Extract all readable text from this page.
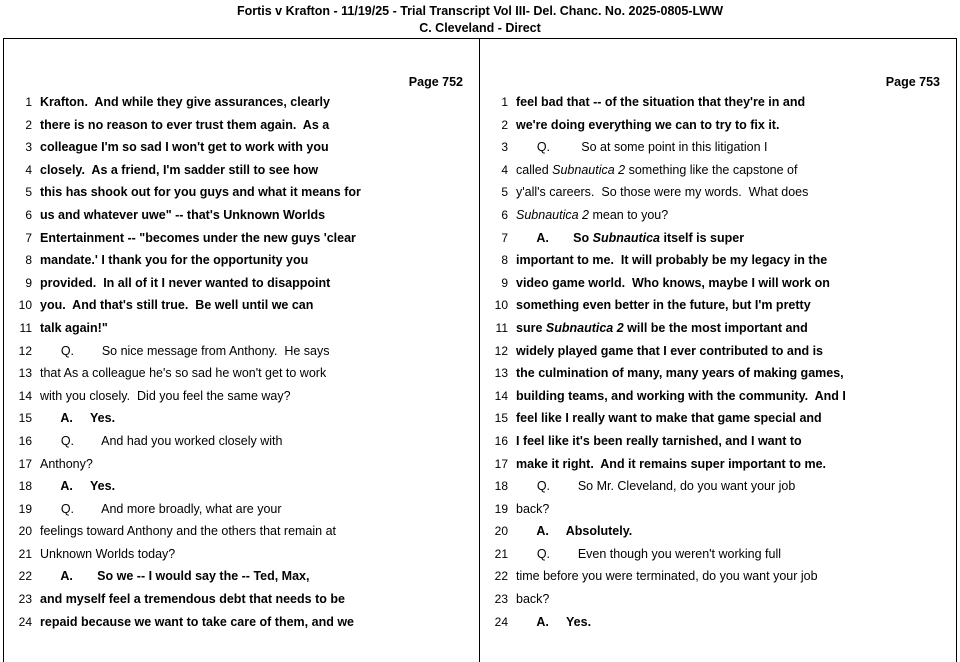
Fortis v Krafton - 11/19/25 - Trial Transcript Vol III- Del. Chanc. No. 2025-0805-LWW
C. Cleveland - Direct
Page 752
1 Krafton.  And while they give assurances, clearly
2 there is no reason to ever trust them again.  As a
3 colleague I'm so sad I won't get to work with you
4 closely.  As a friend, I'm sadder still to see how
5 this has shook out for you guys and what it means for
6 us and whatever uwe" -- that's Unknown Worlds
7 Entertainment -- "becomes under the new guys 'clear
8 mandate.' I thank you for the opportunity you
9 provided.  In all of it I never wanted to disappoint
10 you.  And that's still true.  Be well until we can
11 talk again!"
12 Q.        So nice message from Anthony.  He says
13 that As a colleague he's so sad he won't get to work
14 with you closely.  Did you feel the same way?
15 A.     Yes.
16 Q.        And had you worked closely with
17 Anthony?
18 A.     Yes.
19 Q.        And more broadly, what are your
20 feelings toward Anthony and the others that remain at
21 Unknown Worlds today?
22 A.       So we -- I would say the -- Ted, Max,
23 and myself feel a tremendous debt that needs to be
24 repaid because we want to take care of them, and we
Page 753
1 feel bad that -- of the situation that they're in and
2 we're doing everything we can to try to fix it.
3 Q.         So at some point in this litigation I
4 called Subnautica 2 something like the capstone of
5 y'all's careers.  So those were my words.  What does
6 Subnautica 2 mean to you?
7 A.       So Subnautica itself is super
8 important to me.  It will probably be my legacy in the
9 video game world.  Who knows, maybe I will work on
10 something even better in the future, but I'm pretty
11 sure Subnautica 2 will be the most important and
12 widely played game that I ever contributed to and is
13 the culmination of many, many years of making games,
14 building teams, and working with the community.  And I
15 feel like I really want to make that game special and
16 I feel like it's been really tarnished, and I want to
17 make it right.  And it remains super important to me.
18 Q.        So Mr. Cleveland, do you want your job
19 back?
20 A.     Absolutely.
21 Q.        Even though you weren't working full
22 time before you were terminated, do you want your job
23 back?
24 A.     Yes.
